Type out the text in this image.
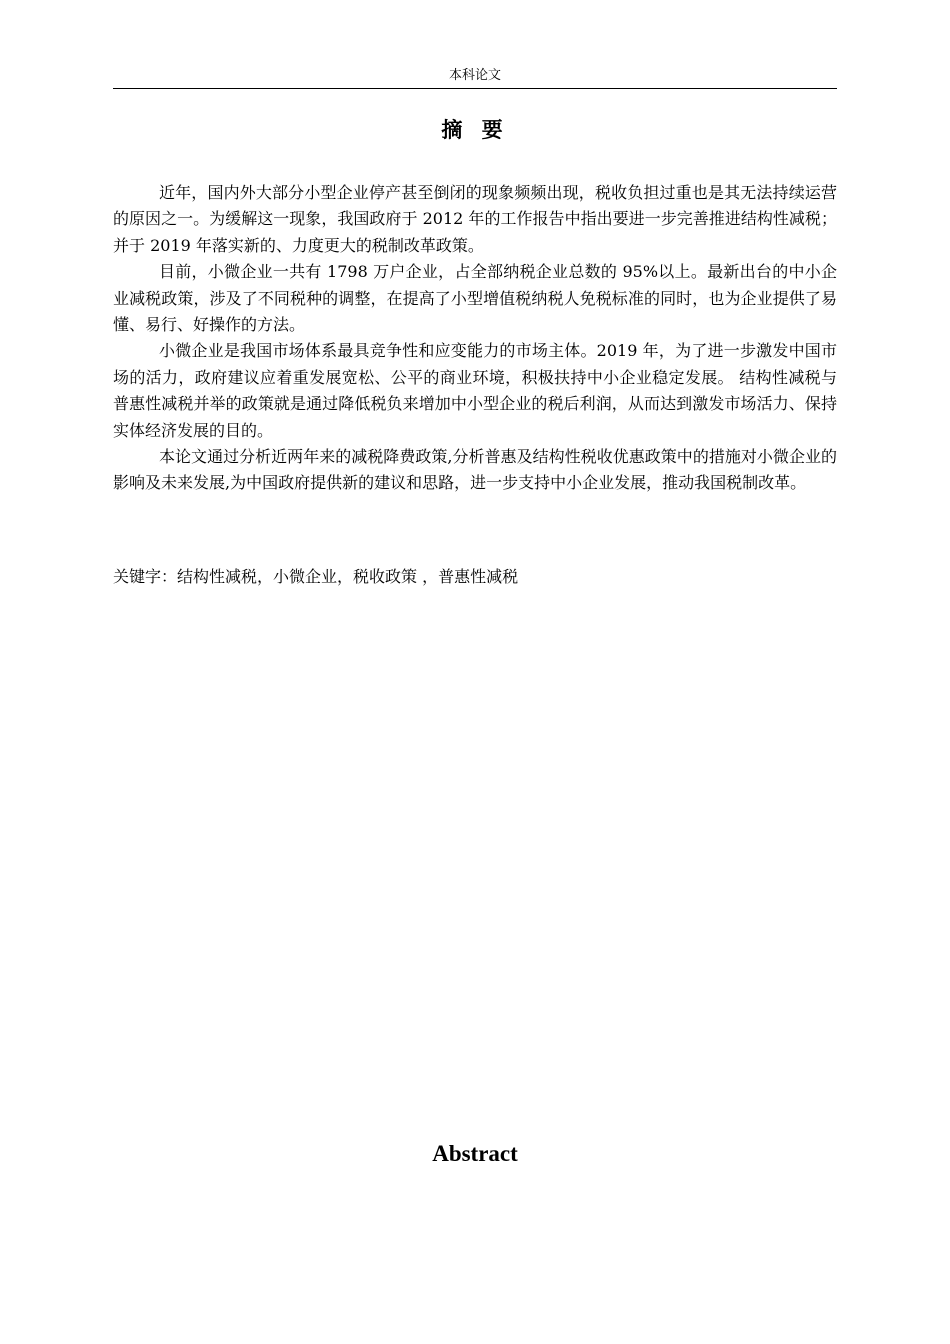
本科论文
摘 要

近年，国内外大部分小型企业停产甚至倒闭的现象频频出现，税收负担过重也是其无法持续运营的原因之一。为缓解这一现象，我国政府于 2012 年的工作报告中指出要进一步完善推进结构性减税；并于 2019 年落实新的、力度更大的税制改革政策。

目前，小微企业一共有 1798 万户企业，占全部纳税企业总数的 95%以上。最新出台的中小企业减税政策，涉及了不同税种的调整，在提高了小型增值税纳税人免税标准的同时，也为企业提供了易懂、易行、好操作的方法。

小微企业是我国市场体系最具竞争性和应变能力的市场主体。2019 年，为了进一步激发中国市场的活力，政府建议应着重发展宽松、公平的商业环境，积极扶持中小企业稳定发展。 结构性减税与普惠性减税并举的政策就是通过降低税负来增加中小型企业的税后利润，从而达到激发市场活力、保持实体经济发展的目的。

本论文通过分析近两年来的减税降费政策,分析普惠及结构性税收优惠政策中的措施对小微企业的影响及未来发展,为中国政府提供新的建议和思路，进一步支持中小企业发展，推动我国税制改革。

关键字：结构性减税，小微企业，税收政策 ，普惠性减税
Abstract
